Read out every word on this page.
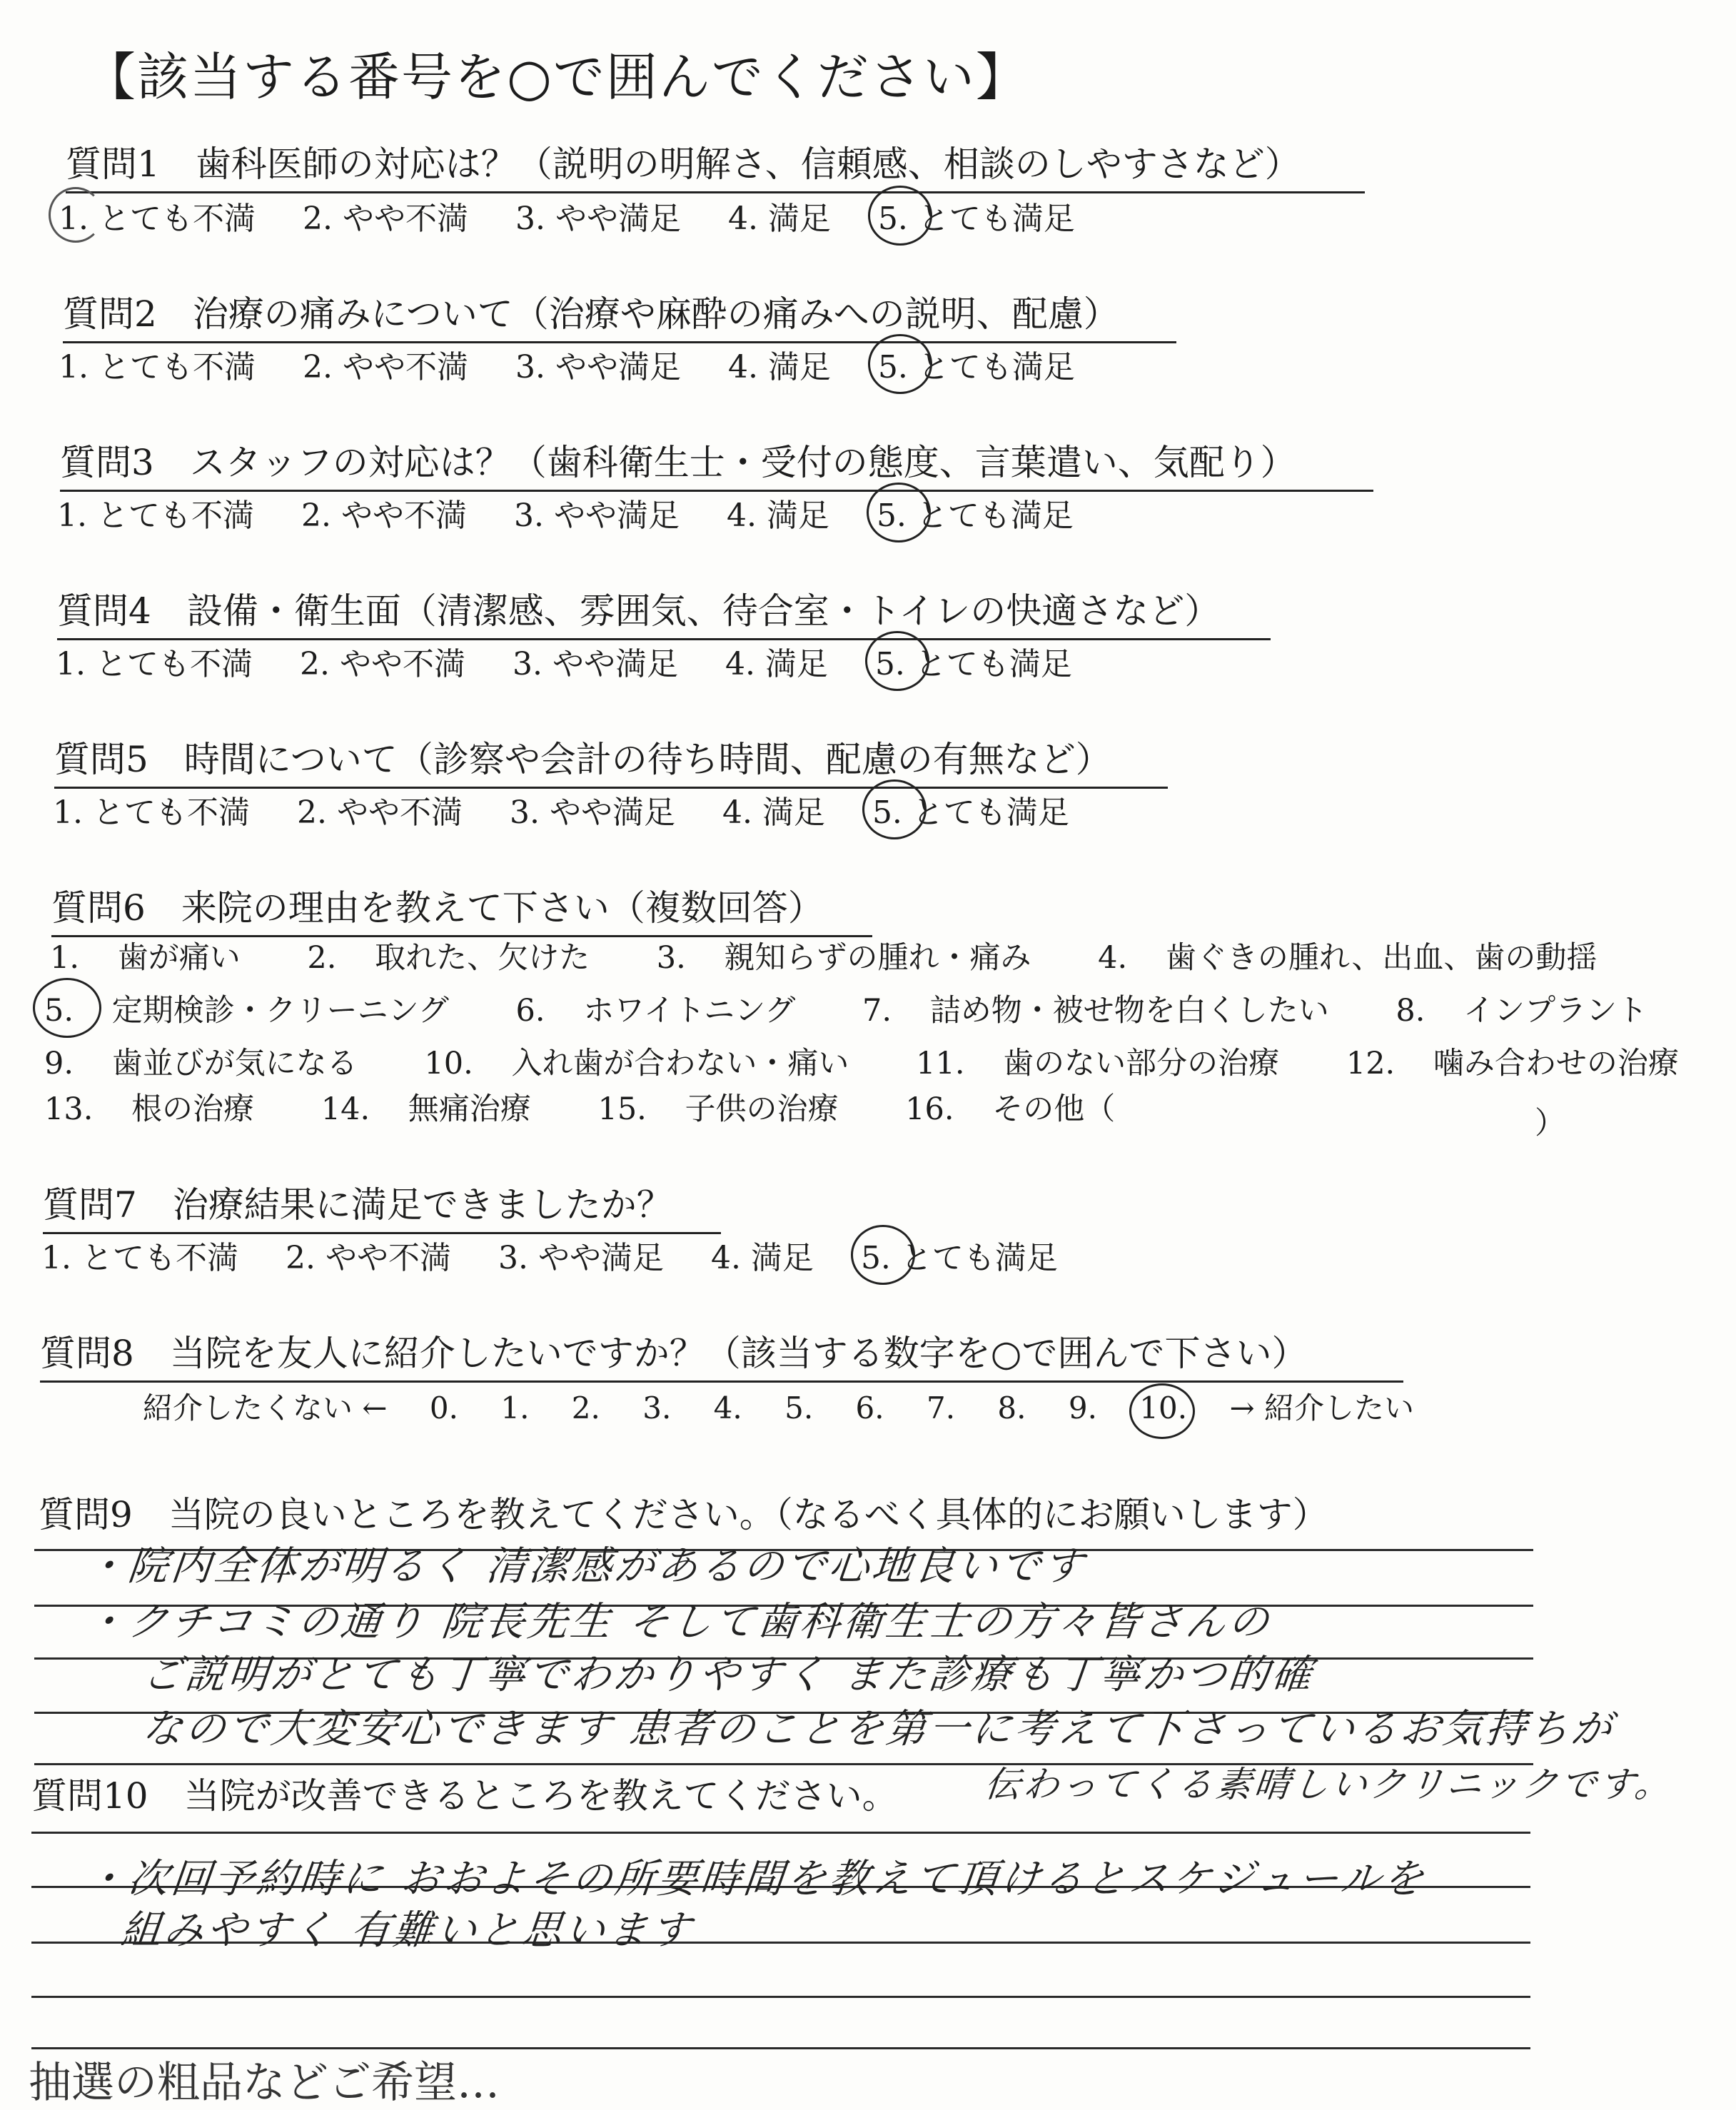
【該当する番号を○で囲んでください】
質問1 歯科医師の対応は？（説明の明解さ、信頼感、相談のしやすさなど）
1. とても不満 2. やや不満 3. やや満足 4. 満足 5. とても満足
質問2 治療の痛みについて（治療や麻酔の痛みへの説明、配慮）
1. とても不満 2. やや不満 3. やや満足 4. 満足 5. とても満足
質問3 スタッフの対応は？（歯科衛生士・受付の態度、言葉遣い、気配り）
1. とても不満 2. やや不満 3. やや満足 4. 満足 5. とても満足
質問4 設備・衛生面（清潔感、雰囲気、待合室・トイレの快適さなど）
1. とても不満 2. やや不満 3. やや満足 4. 満足 5. とても満足
質問5 時間について（診察や会計の待ち時間、配慮の有無など）
1. とても不満 2. やや不満 3. やや満足 4. 満足 5. とても満足
質問6 来院の理由を教えて下さい（複数回答）
1. 歯が痛い 2. 取れた、欠けた 3. 親知らずの腫れ・痛み 4. 歯ぐきの腫れ、出血、歯の動揺
5. 定期検診・クリーニング 6. ホワイトニング 7. 詰め物・被せ物を白くしたい 8. インプラント
9. 歯並びが気になる 10. 入れ歯が合わない・痛い 11. 歯のない部分の治療 12. 噛み合わせの治療
13. 根の治療 14. 無痛治療 15. 子供の治療 16. その他（	）
質問7 治療結果に満足できましたか？
1. とても不満 2. やや不満 3. やや満足 4. 満足 5. とても満足
質問8 当院を友人に紹介したいですか？（該当する数字を○で囲んで下さい）
紹介したくない ← 0. 1. 2. 3. 4. 5. 6. 7. 8. 9. 10. → 紹介したい
質問9 当院の良いところを教えてください。（なるべく具体的にお願いします）
・院内全体が明るく 清潔感があるので心地良いです
・クチコミの通り 院長先生 そして歯科衛生士の方々皆さんの
ご説明がとても丁寧でわかりやすく また診療も丁寧かつ的確
なので大変安心できます 患者のことを第一に考えて下さっているお気持ちが
伝わってくる素晴しいクリニックです。
質問10 当院が改善できるところを教えてください。
・次回予約時に おおよその所要時間を教えて頂けるとスケジュールを
組みやすく 有難いと思います
抽選の粗品などご希望…
